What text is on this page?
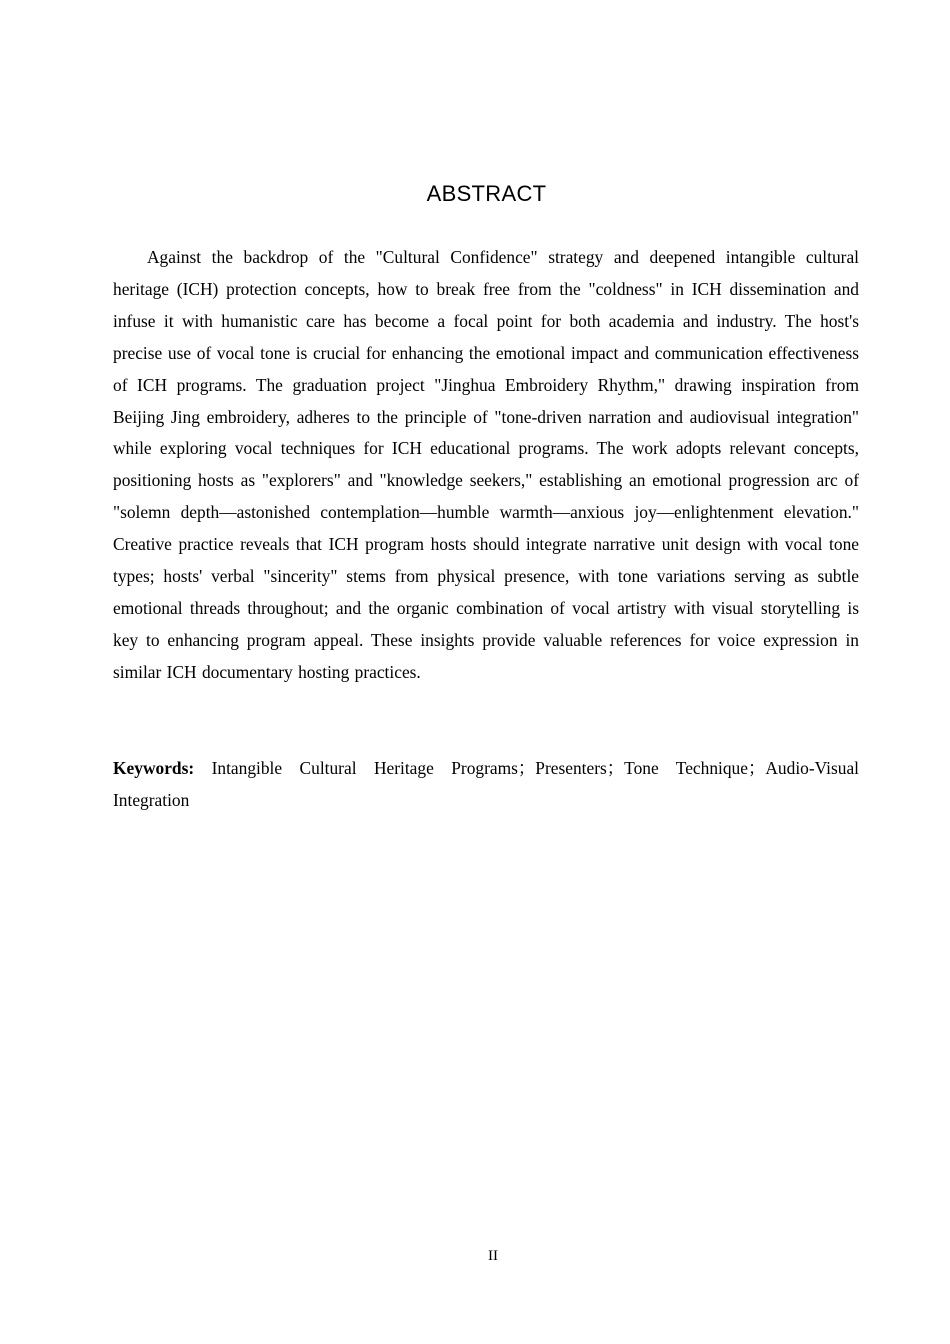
ABSTRACT

Against the backdrop of the "Cultural Confidence" strategy and deepened intangible cultural heritage (ICH) protection concepts, how to break free from the "coldness" in ICH dissemination and infuse it with humanistic care has become a focal point for both academia and industry. The host's precise use of vocal tone is crucial for enhancing the emotional impact and communication effectiveness of ICH programs. The graduation project "Jinghua Embroidery Rhythm," drawing inspiration from Beijing Jing embroidery, adheres to the principle of "tone-driven narration and audiovisual integration" while exploring vocal techniques for ICH educational programs. The work adopts relevant concepts, positioning hosts as "explorers" and "knowledge seekers," establishing an emotional progression arc of "solemn depth—astonished contemplation—humble warmth—anxious joy—enlightenment elevation." Creative practice reveals that ICH program hosts should integrate narrative unit design with vocal tone types; hosts' verbal "sincerity" stems from physical presence, with tone variations serving as subtle emotional threads throughout; and the organic combination of vocal artistry with visual storytelling is key to enhancing program appeal. These insights provide valuable references for voice expression in similar ICH documentary hosting practices.

Keywords: Intangible Cultural Heritage Programs；Presenters；Tone Technique；Audio-Visual Integration

II
